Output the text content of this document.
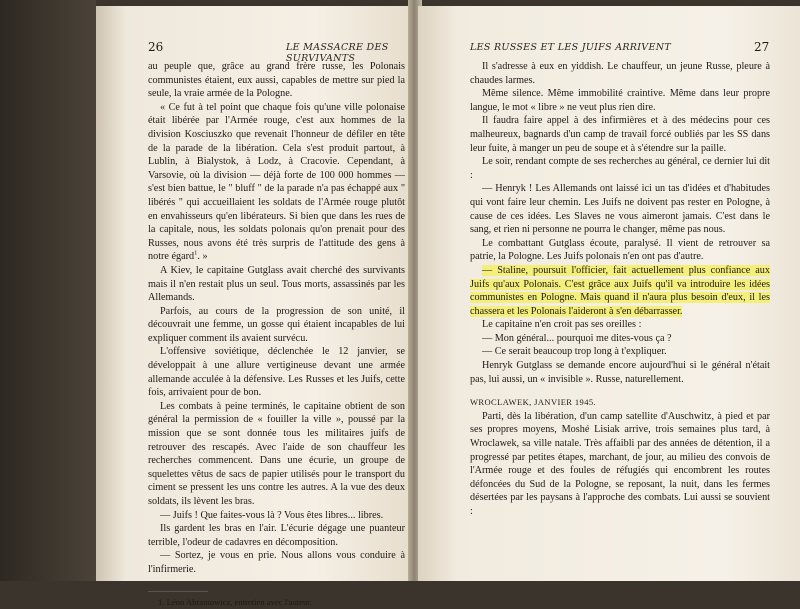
26	LE MASSACRE DES SURVIVANTS

au peuple que, grâce au grand frère russe, les Polonais communistes étaient, eux aussi, capables de mettre sur pied la seule, la vraie armée de la Pologne.

« Ce fut à tel point que chaque fois qu'une ville polonaise était libérée par l'Armée rouge, c'est aux hommes de la division Kosciuszko que revenait l'honneur de défiler en tête de la parade de la libération. Cela s'est produit partout, à Lublin, à Bialystok, à Lodz, à Cracovie. Cependant, à Varsovie, où la division — déjà forte de 100 000 hommes — s'est bien battue, le " bluff " de la parade n'a pas échappé aux " libérés " qui accueillaient les soldats de l'Armée rouge plutôt en envahisseurs qu'en libérateurs. Si bien que dans les rues de la capitale, nous, les soldats polonais qu'on prenait pour des Russes, nous avons été très surpris de l'attitude des gens à notre égard$^1$. »

A Kiev, le capitaine Gutglass avait cherché des survivants mais il n'en restait plus un seul. Tous morts, assassinés par les Allemands.

Parfois, au cours de la progression de son unité, il découvrait une femme, un gosse qui étaient incapables de lui expliquer comment ils avaient survécu.

L'offensive soviétique, déclenchée le 12 janvier, se développait à une allure vertigineuse devant une armée allemande acculée à la défensive. Les Russes et les Juifs, cette fois, arrivaient pour de bon.

Les combats à peine terminés, le capitaine obtient de son général la permission de « fouiller la ville », poussé par la mission que se sont donnée tous les militaires juifs de retrouver des rescapés. Avec l'aide de son chauffeur les recherches commencent. Dans une écurie, un groupe de squelettes vêtus de sacs de papier utilisés pour le transport du ciment se pressent les uns contre les autres. A la vue des deux soldats, ils lèvent les bras.

— Juifs ! Que faites-vous là ? Vous êtes libres... libres.

Ils gardent les bras en l'air. L'écurie dégage une puanteur terrible, l'odeur de cadavres en décomposition.

— Sortez, je vous en prie. Nous allons vous conduire à l'infirmerie.

1. Léon Abramowicz, entretien avec l'auteur.

LES RUSSES ET LES JUIFS ARRIVENT	27

Il s'adresse à eux en yiddish. Le chauffeur, un jeune Russe, pleure à chaudes larmes.

Même silence. Même immobilité craintive. Même dans leur propre langue, le mot « libre » ne veut plus rien dire.

Il faudra faire appel à des infirmières et à des médecins pour ces malheureux, bagnards d'un camp de travail forcé oubliés par les SS dans leur fuite, à manger un peu de soupe et à s'étendre sur la paille.

Le soir, rendant compte de ses recherches au général, ce dernier lui dit :

— Henryk ! Les Allemands ont laissé ici un tas d'idées et d'habitudes qui vont faire leur chemin. Les Juifs ne doivent pas rester en Pologne, à cause de ces idées. Les Slaves ne vous aimeront jamais. C'est dans le sang, et rien ni personne ne pourra le changer, même pas nous.

Le combattant Gutglass écoute, paralysé. Il vient de retrouver sa patrie, la Pologne. Les Juifs polonais n'en ont pas d'autre.

— Staline, poursuit l'officier, fait actuellement plus confiance aux Juifs qu'aux Polonais. C'est grâce aux Juifs qu'il va introduire les idées communistes en Pologne. Mais quand il n'aura plus besoin d'eux, il les chassera et les Polonais l'aideront à s'en débarrasser.

Le capitaine n'en croit pas ses oreilles :

— Mon général... pourquoi me dites-vous ça ?

— Ce serait beaucoup trop long à t'expliquer.

Henryk Gutglass se demande encore aujourd'hui si le général n'était pas, lui aussi, un « invisible ». Russe, naturellement.

WROCLAWEK, JANVIER 1945.

Parti, dès la libération, d'un camp satellite d'Auschwitz, à pied et par ses propres moyens, Moshé Lisiak arrive, trois semaines plus tard, à Wroclawek, sa ville natale. Très affaibli par des années de détention, il a progressé par petites étapes, marchant, de jour, au milieu des convois de l'Armée rouge et des foules de réfugiés qui encombrent les routes défoncées du Sud de la Pologne, se reposant, la nuit, dans les fermes désertées par les paysans à l'approche des combats. Lui aussi se souvient :
